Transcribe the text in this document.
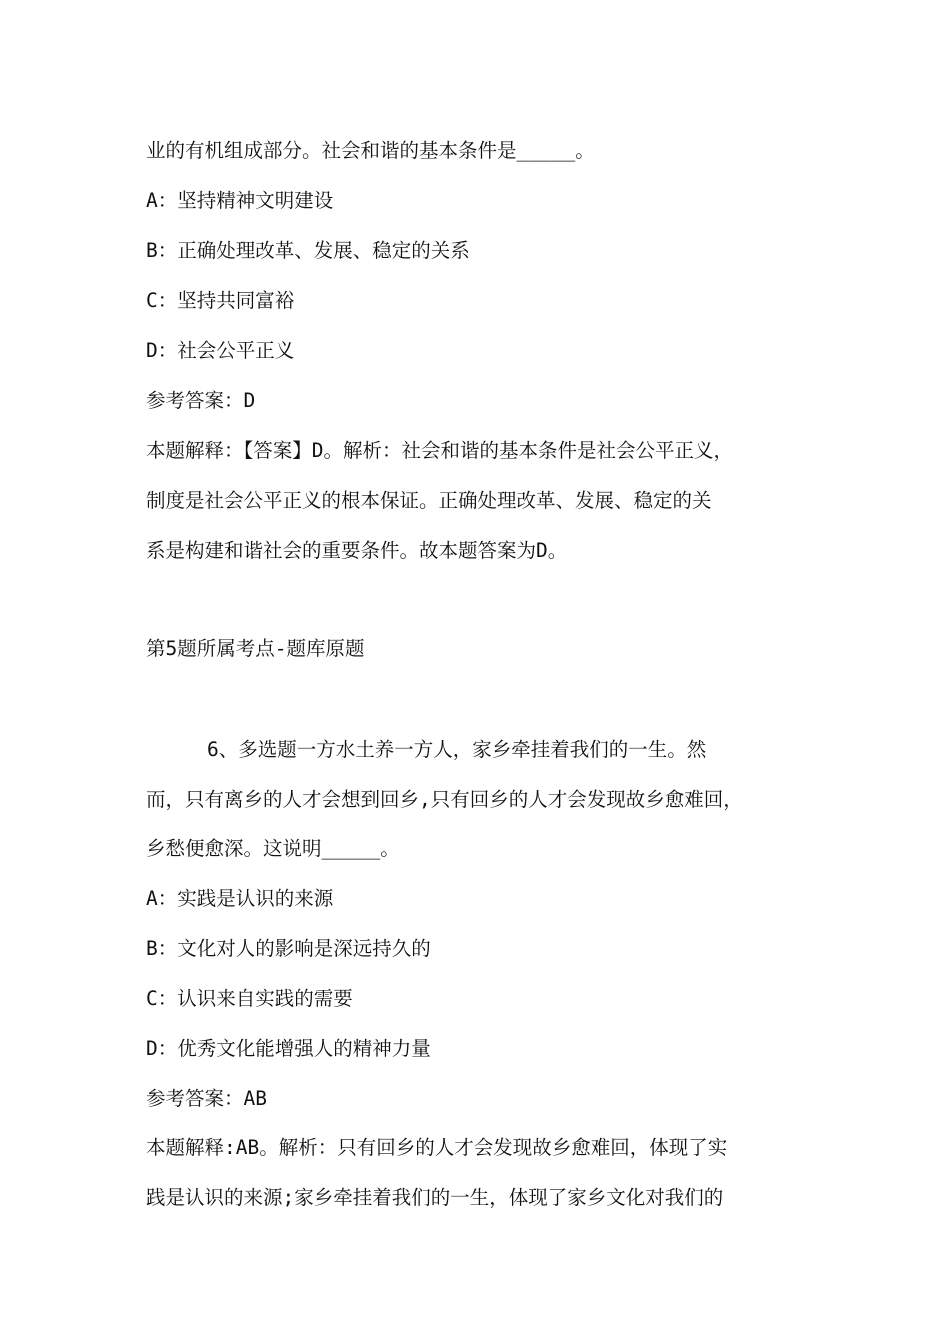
业的有机组成部分。社会和谐的基本条件是_____。
A：坚持精神文明建设
B：正确处理改革、发展、稳定的关系
C：坚持共同富裕
D：社会公平正义
参考答案：D
本题解释：【答案】D。解析：社会和谐的基本条件是社会公平正义，
制度是社会公平正义的根本保证。正确处理改革、发展、稳定的关
系是构建和谐社会的重要条件。故本题答案为D。
第5题所属考点-题库原题
6、多选题一方水土养一方人，家乡牵挂着我们的一生。然
而，只有离乡的人才会想到回乡,只有回乡的人才会发现故乡愈难回，
乡愁便愈深。这说明_____。
A：实践是认识的来源
B：文化对人的影响是深远持久的
C：认识来自实践的需要
D：优秀文化能增强人的精神力量
参考答案：AB
本题解释:AB。解析：只有回乡的人才会发现故乡愈难回，体现了实
践是认识的来源;家乡牵挂着我们的一生，体现了家乡文化对我们的
